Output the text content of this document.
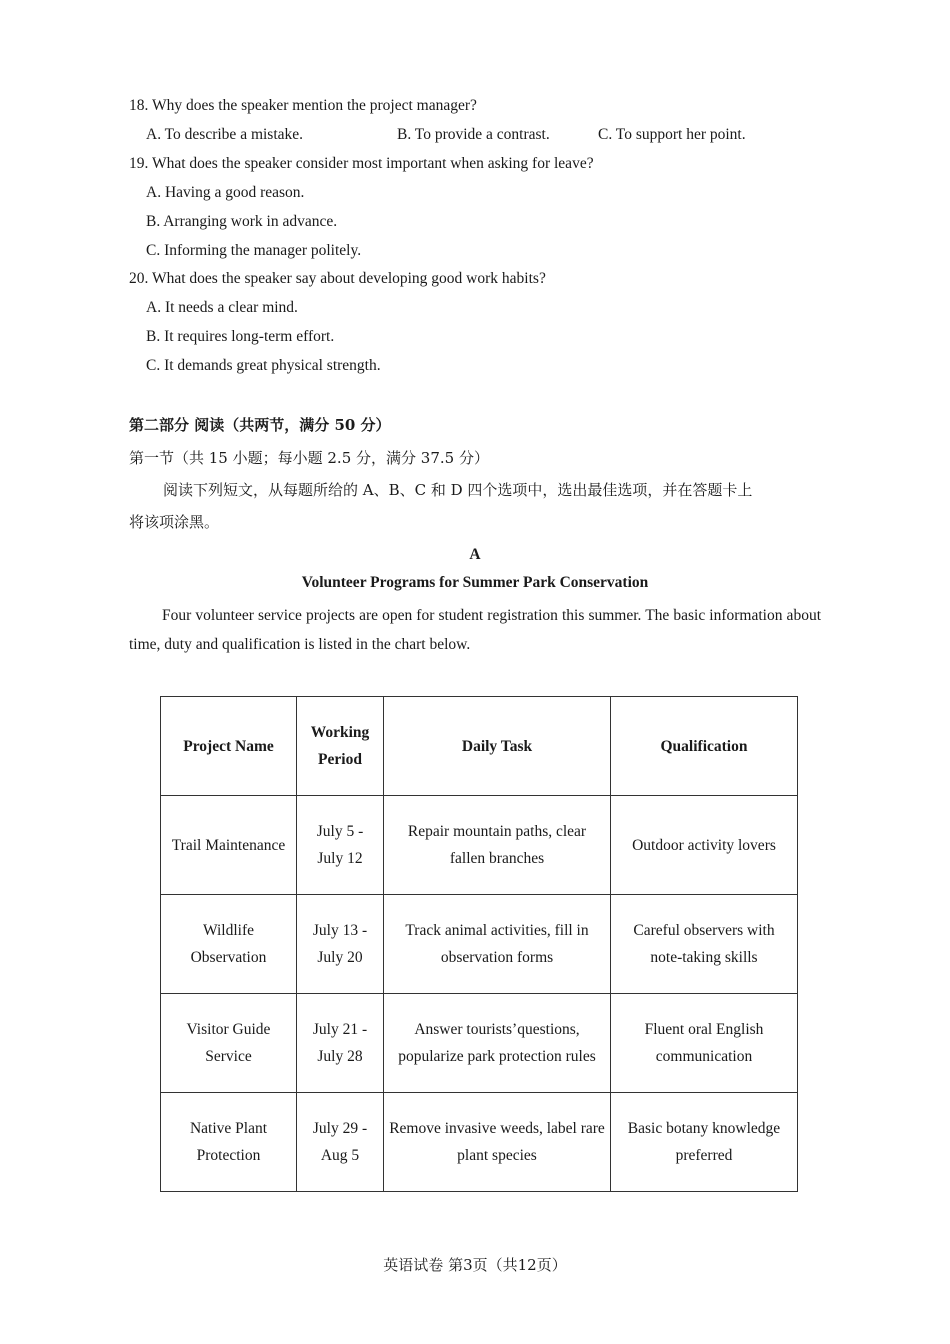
18. Why does the speaker mention the project manager?
A. To describe a mistake.	B. To provide a contrast.	C. To support her point.
19. What does the speaker consider most important when asking for leave?
A. Having a good reason.
B. Arranging work in advance.
C. Informing the manager politely.
20. What does the speaker say about developing good work habits?
A. It needs a clear mind.
B. It requires long-term effort.
C. It demands great physical strength.
第二部分 阅读（共两节，满分 50 分）
第一节（共 15 小题；每小题 2.5 分，满分 37.5 分）
阅读下列短文，从每题所给的 A、B、C 和 D 四个选项中，选出最佳选项，并在答题卡上
将该项涂黑。
A
Volunteer Programs for Summer Park Conservation
Four volunteer service projects are open for student registration this summer. The basic information about time, duty and qualification is listed in the chart below.
Project Name	Working Period	Daily Task	Qualification
Trail Maintenance	July 5 - July 12	Repair mountain paths, clear fallen branches	Outdoor activity lovers
Wildlife Observation	July 13 - July 20	Track animal activities, fill in observation forms	Careful observers with note-taking skills
Visitor Guide Service	July 21 - July 28	Answer tourists’questions, popularize park protection rules	Fluent oral English communication
Native Plant Protection	July 29 - Aug 5	Remove invasive weeds, label rare plant species	Basic botany knowledge preferred
英语试卷 第3页（共12页）
